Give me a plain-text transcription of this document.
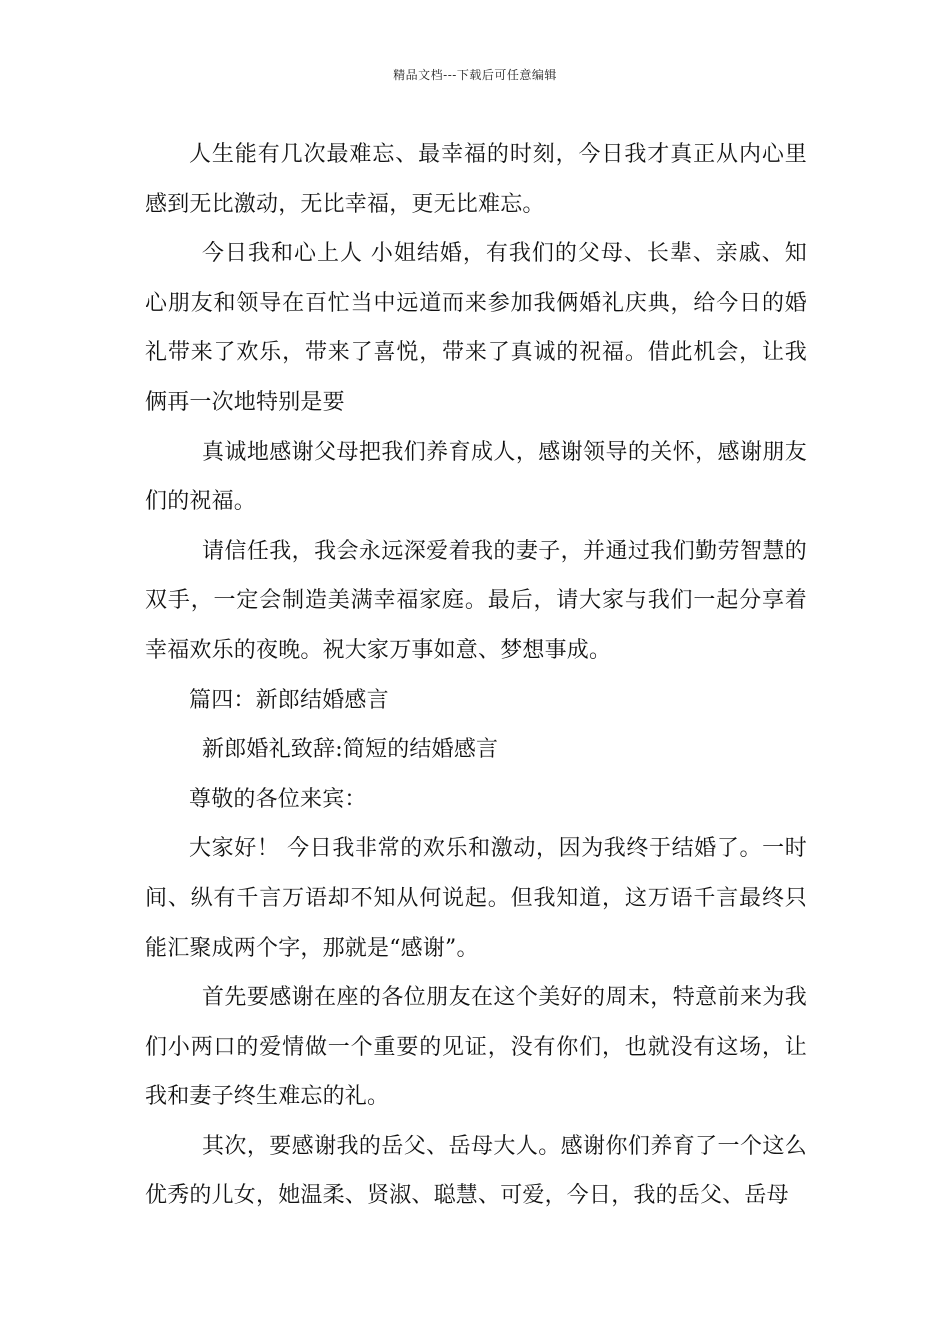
精品文档---下载后可任意编辑

人生能有几次最难忘、最幸福的时刻，今日我才真正从内心里感到无比激动，无比幸福，更无比难忘。

今日我和心上人 小姐结婚，有我们的父母、长辈、亲戚、知心朋友和领导在百忙当中远道而来参加我俩婚礼庆典，给今日的婚礼带来了欢乐，带来了喜悦，带来了真诚的祝福。借此机会，让我俩再一次地特别是要

真诚地感谢父母把我们养育成人，感谢领导的关怀，感谢朋友们的祝福。

请信任我，我会永远深爱着我的妻子，并通过我们勤劳智慧的双手，一定会制造美满幸福家庭。最后，请大家与我们一起分享着幸福欢乐的夜晚。祝大家万事如意、梦想事成。

篇四：新郎结婚感言

新郎婚礼致辞:简短的结婚感言

尊敬的各位来宾：

大家好！ 今日我非常的欢乐和激动，因为我终于结婚了。一时间、纵有千言万语却不知从何说起。但我知道，这万语千言最终只能汇聚成两个字，那就是“感谢”。

首先要感谢在座的各位朋友在这个美好的周末，特意前来为我们小两口的爱情做一个重要的见证，没有你们，也就没有这场，让我和妻子终生难忘的礼。

其次，要感谢我的岳父、岳母大人。感谢你们养育了一个这么优秀的儿女，她温柔、贤淑、聪慧、可爱，今日，我的岳父、岳母
